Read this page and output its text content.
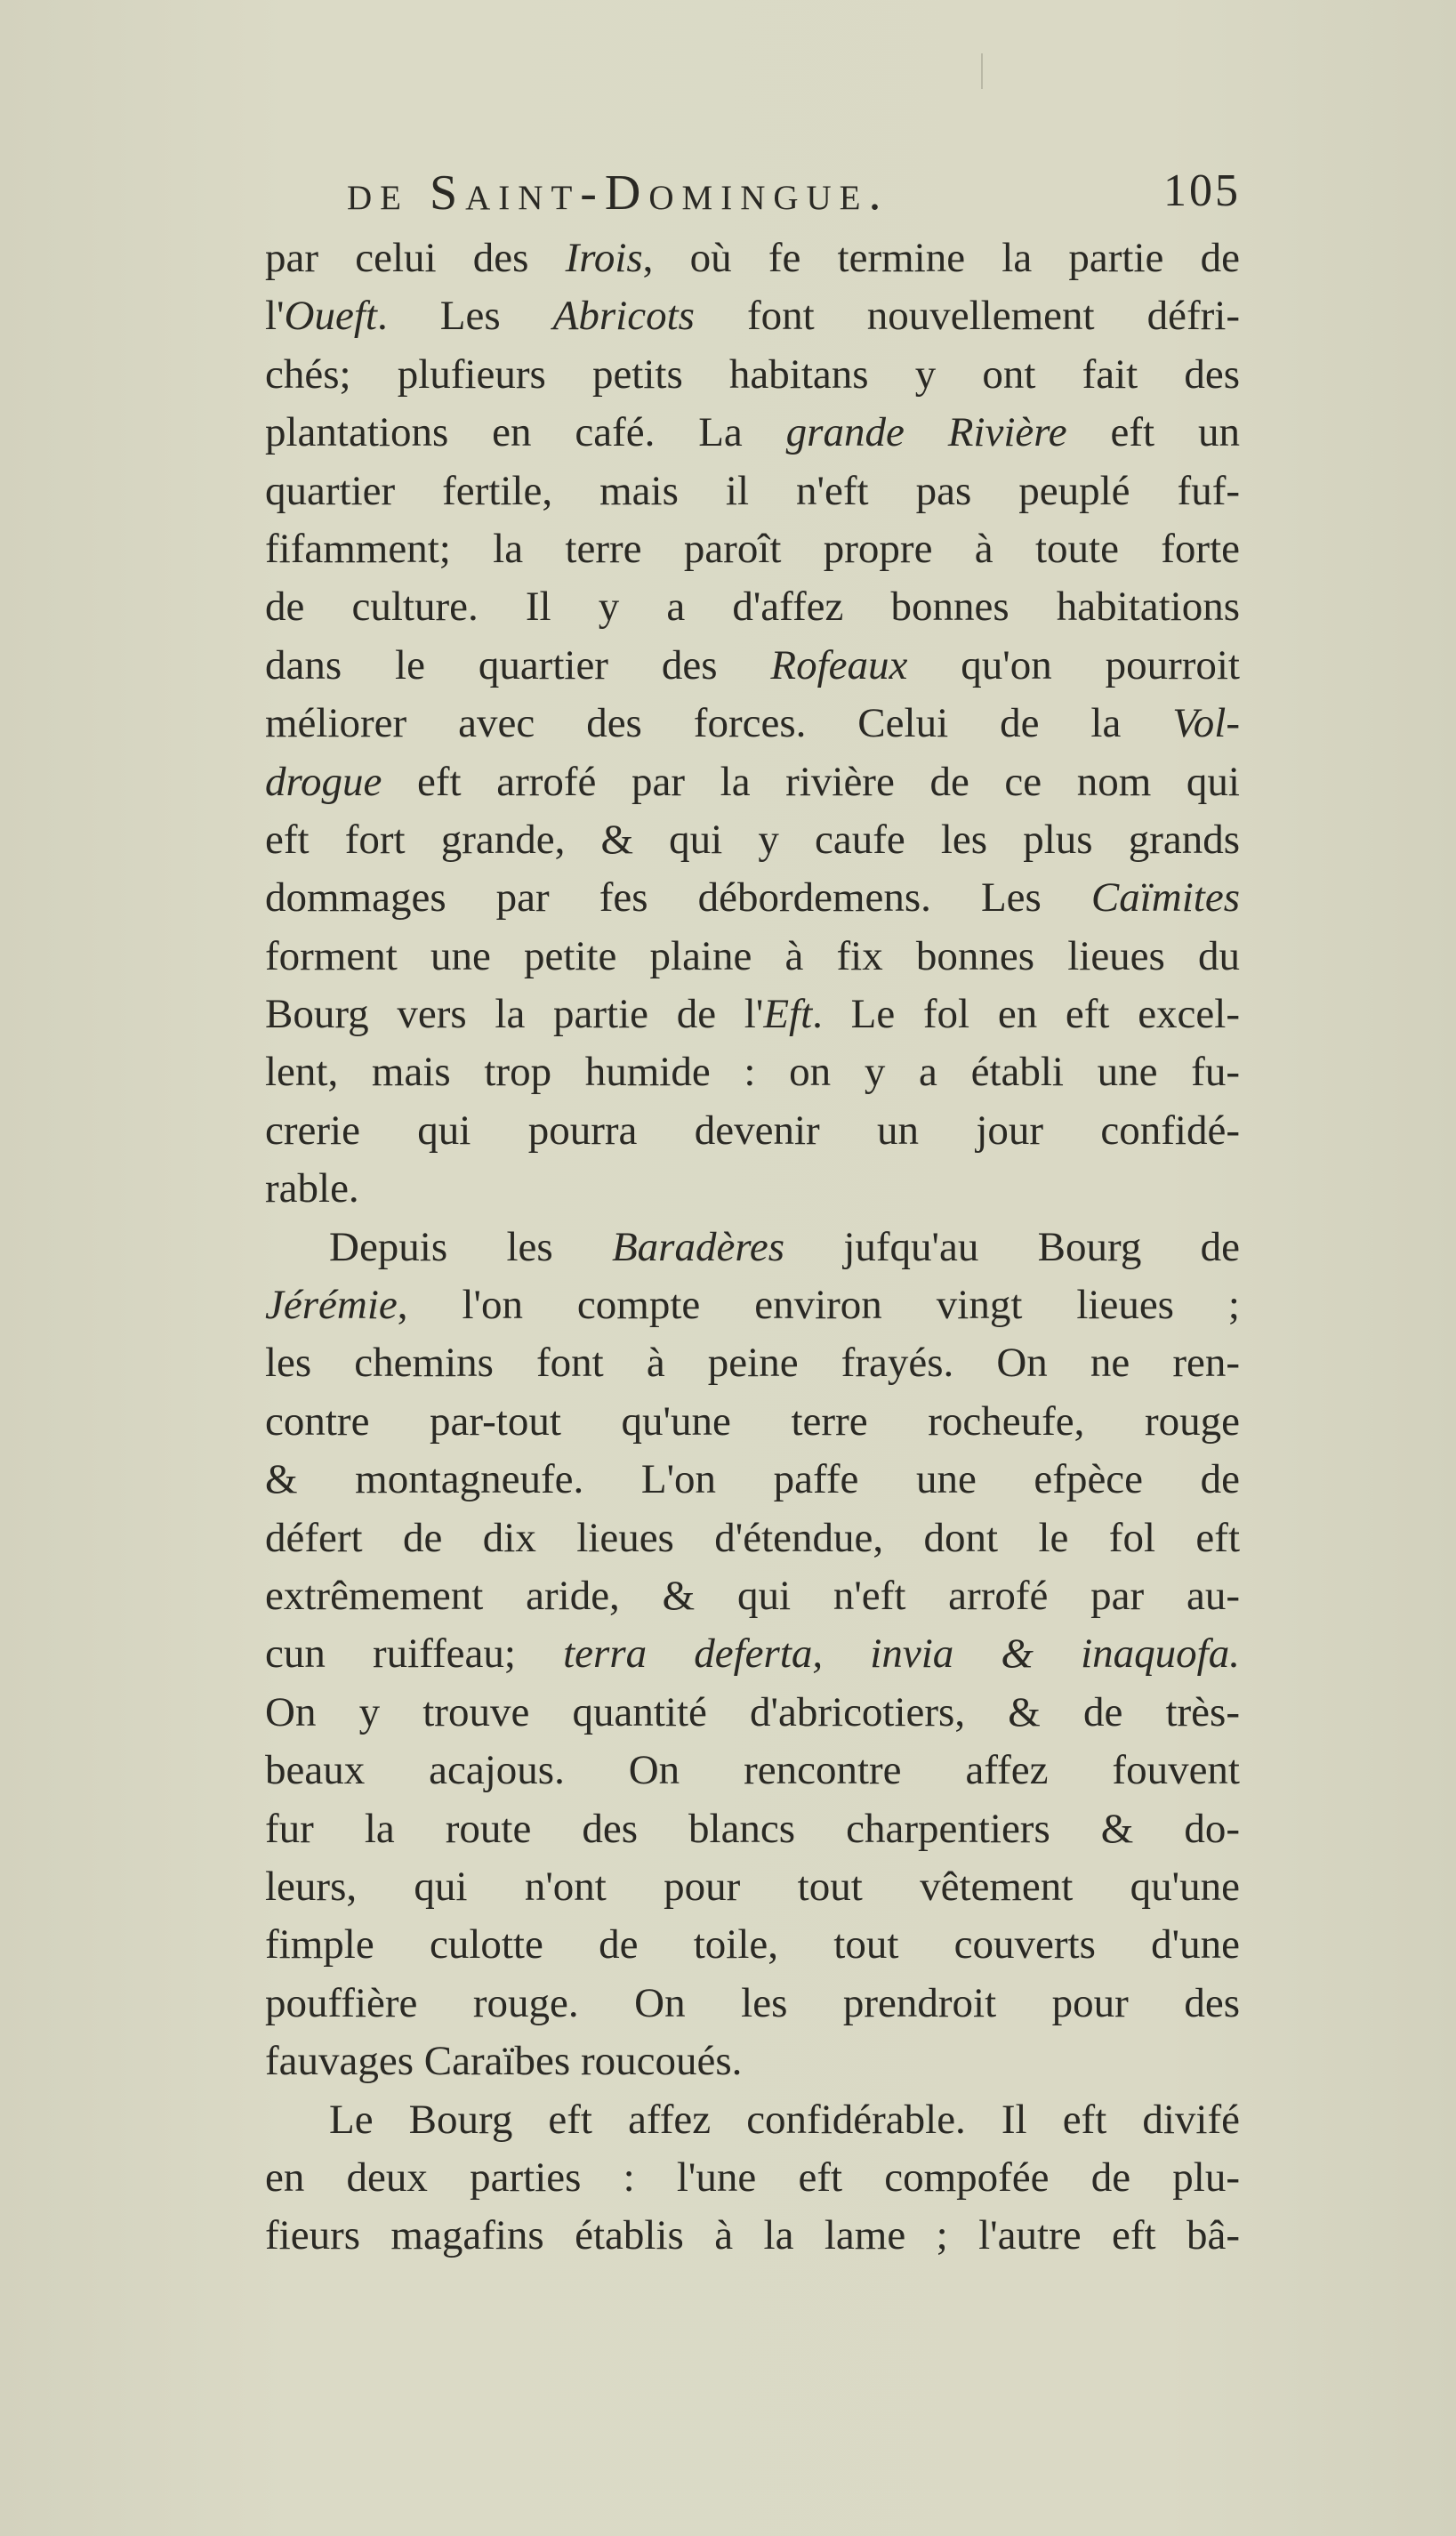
de Saint-Domingue.	105
par celui des Irois, où fe termine la partie de
l'Oueft. Les Abricots font nouvellement défri-
chés; plufieurs petits habitans y ont fait des
plantations en café. La grande Rivière eft un
quartier fertile, mais il n'eft pas peuplé fuf-
fifamment; la terre paroît propre à toute forte
de culture. Il y a d'affez bonnes habitations
dans le quartier des Rofeaux qu'on pourroit
méliorer avec des forces. Celui de la Vol-
drogue eft arrofé par la rivière de ce nom qui
eft fort grande, & qui y caufe les plus grands
dommages par fes débordemens. Les Caïmites
forment une petite plaine à fix bonnes lieues du
Bourg vers la partie de l'Eft. Le fol en eft excel-
lent, mais trop humide : on y a établi une fu-
crerie qui pourra devenir un jour confidé-
rable.
Depuis les Baradères jufqu'au Bourg de
Jérémie, l'on compte environ vingt lieues ;
les chemins font à peine frayés. On ne ren-
contre par-tout qu'une terre rocheufe, rouge
& montagneufe. L'on paffe une efpèce de
défert de dix lieues d'étendue, dont le fol eft
extrêmement aride, & qui n'eft arrofé par au-
cun ruiffeau; terra deferta, invia & inaquofa.
On y trouve quantité d'abricotiers, & de très-
beaux acajous. On rencontre affez fouvent
fur la route des blancs charpentiers & do-
leurs, qui n'ont pour tout vêtement qu'une
fimple culotte de toile, tout couverts d'une
pouffière rouge. On les prendroit pour des
fauvages Caraïbes roucoués.
Le Bourg eft affez confidérable. Il eft divifé
en deux parties : l'une eft compofée de plu-
fieurs magafins établis à la lame ; l'autre eft bâ-
